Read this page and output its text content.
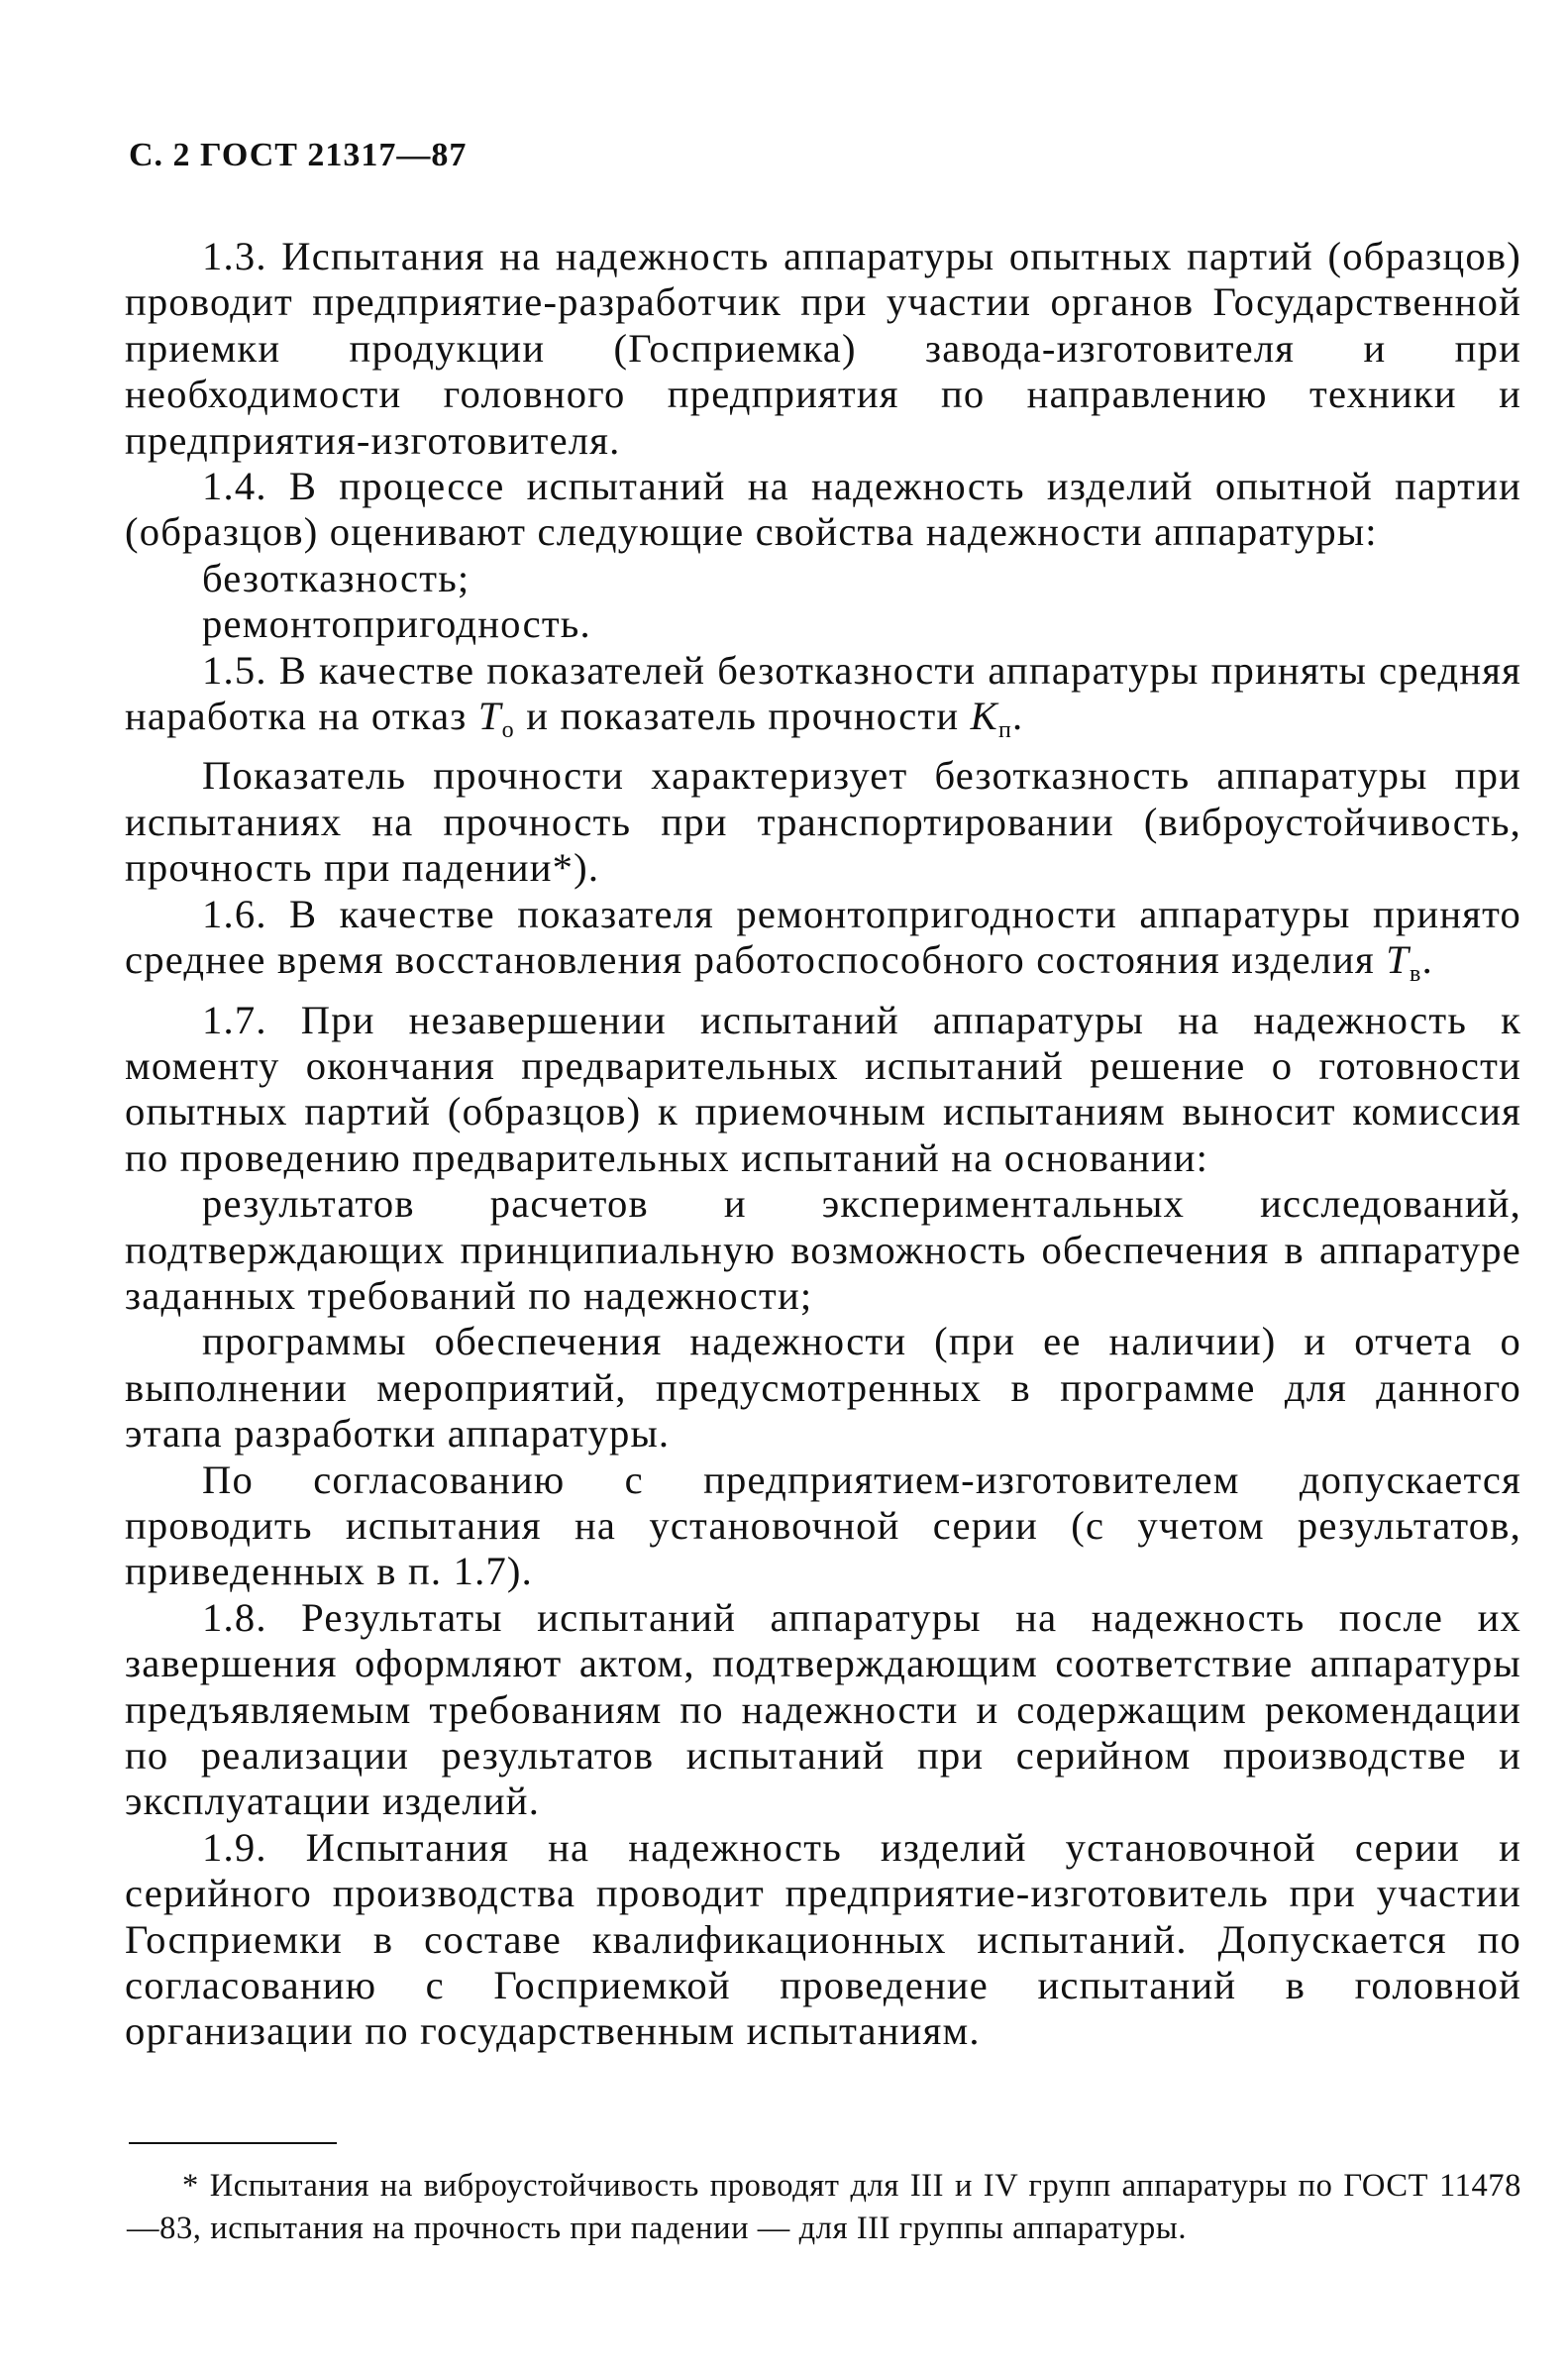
С. 2 ГОСТ 21317—87

1.3. Испытания на надежность аппаратуры опытных партий (образцов) проводит предприятие-разработчик при участии органов Государственной приемки продукции (Госприемка) завода-изготовителя и при необходимости головного предприятия по направлению техники и предприятия-изготовителя.

1.4. В процессе испытаний на надежность изделий опытной партии (образцов) оценивают следующие свойства надежности аппаратуры:

безотказность;

ремонтопригодность.

1.5. В качестве показателей безотказности аппаратуры приняты средняя наработка на отказ $T_о$ и показатель прочности $K_п$.

Показатель прочности характеризует безотказность аппаратуры при испытаниях на прочность при транспортировании (виброустойчивость, прочность при падении*).

1.6. В качестве показателя ремонтопригодности аппаратуры принято среднее время восстановления работоспособного состояния изделия $T_в$.

1.7. При незавершении испытаний аппаратуры на надежность к моменту окончания предварительных испытаний решение о готовности опытных партий (образцов) к приемочным испытаниям выносит комиссия по проведению предварительных испытаний на основании:

результатов расчетов и экспериментальных исследований, подтверждающих принципиальную возможность обеспечения в аппаратуре заданных требований по надежности;

программы обеспечения надежности (при ее наличии) и отчета о выполнении мероприятий, предусмотренных в программе для данного этапа разработки аппаратуры.

По согласованию с предприятием-изготовителем допускается проводить испытания на установочной серии (с учетом результатов, приведенных в п. 1.7).

1.8. Результаты испытаний аппаратуры на надежность после их завершения оформляют актом, подтверждающим соответствие аппаратуры предъявляемым требованиям по надежности и содержащим рекомендации по реализации результатов испытаний при серийном производстве и эксплуатации изделий.

1.9. Испытания на надежность изделий установочной серии и серийного производства проводит предприятие-изготовитель при участии Госприемки в составе квалификационных испытаний. Допускается по согласованию с Госприемкой проведение испытаний в головной организации по государственным испытаниям.

* Испытания на виброустойчивость проводят для III и IV групп аппаратуры по ГОСТ 11478—83, испытания на прочность при падении — для III группы аппаратуры.
